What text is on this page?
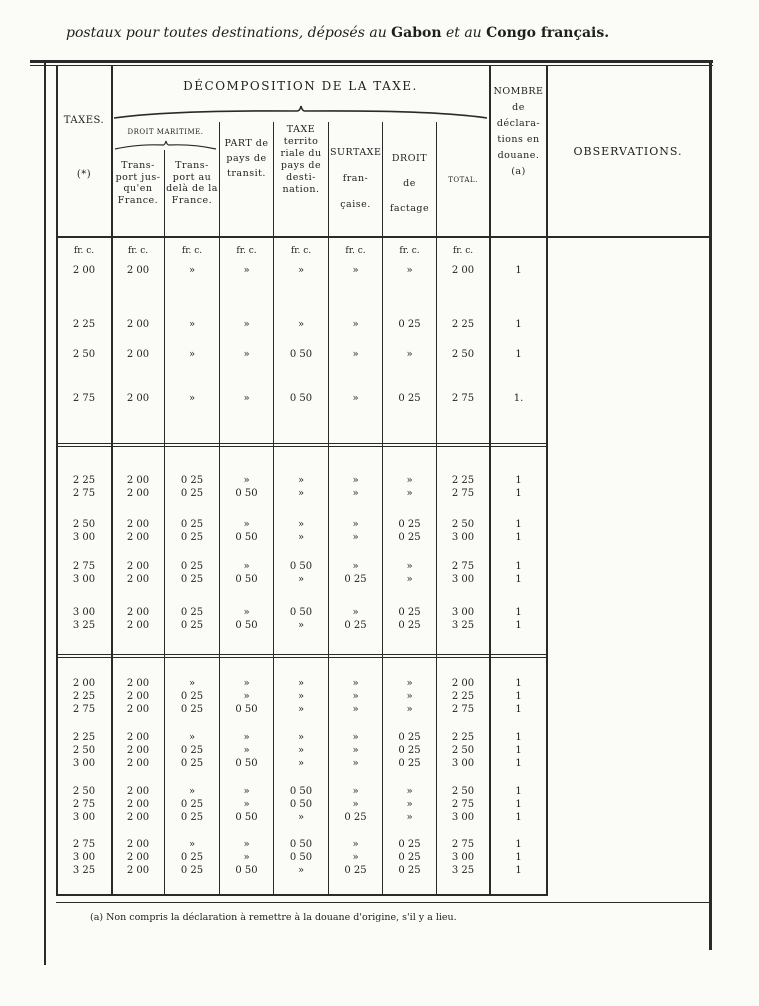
postaux pour toutes destinations, déposés au Gabon et au Congo français.
TAXES.
(*)
DÉCOMPOSITION DE LA TAXE.
DROIT MARITIME.
Trans- port jus- qu'en France.
Trans- port au delà de la France.
PART de pays de transit.
TAXE territo riale du pays de desti- nation.
SURTAXE fran- çaise.
DROIT de factage
TOTAL.
NOMBRE de déclara- tions en douane. (a)
OBSERVATIONS.
fr. c.	fr. c.	fr. c.	fr. c.	fr. c.	fr. c.	fr. c.	fr. c.
2 00	2 00	»	»	»	»	»	2 00	1
2 25	2 00	»	»	»	»	0 25	2 25	1
2 50	2 00	»	»	0 50	»	»	2 50	1
2 75	2 00	»	»	0 50	»	0 25	2 75	1.
2 25	2 00	0 25	»	»	»	»	2 25	1
2 75	2 00	0 25	0 50	»	»	»	2 75	1
2 50	2 00	0 25	»	»	»	0 25	2 50	1
3 00	2 00	0 25	0 50	»	»	0 25	3 00	1
2 75	2 00	0 25	»	0 50	»	»	2 75	1
3 00	2 00	0 25	0 50	»	0 25	»	3 00	1
3 00	2 00	0 25	»	0 50	»	0 25	3 00	1
3 25	2 00	0 25	0 50	»	0 25	0 25	3 25	1
2 00	2 00	»	»	»	»	»	2 00	1
2 25	2 00	0 25	»	»	»	»	2 25	1
2 75	2 00	0 25	0 50	»	»	»	2 75	1
2 25	2 00	»	»	»	»	0 25	2 25	1
2 50	2 00	0 25	»	»	»	0 25	2 50	1
3 00	2 00	0 25	0 50	»	»	0 25	3 00	1
2 50	2 00	»	»	0 50	»	»	2 50	1
2 75	2 00	0 25	»	0 50	»	»	2 75	1
3 00	2 00	0 25	0 50	»	0 25	»	3 00	1
2 75	2 00	»	»	0 50	»	0 25	2 75	1
3 00	2 00	0 25	»	0 50	»	0 25	3 00	1
3 25	2 00	0 25	0 50	»	0 25	0 25	3 25	1
(a) Non compris la déclaration à remettre à la douane d'origine, s'il y a lieu.
